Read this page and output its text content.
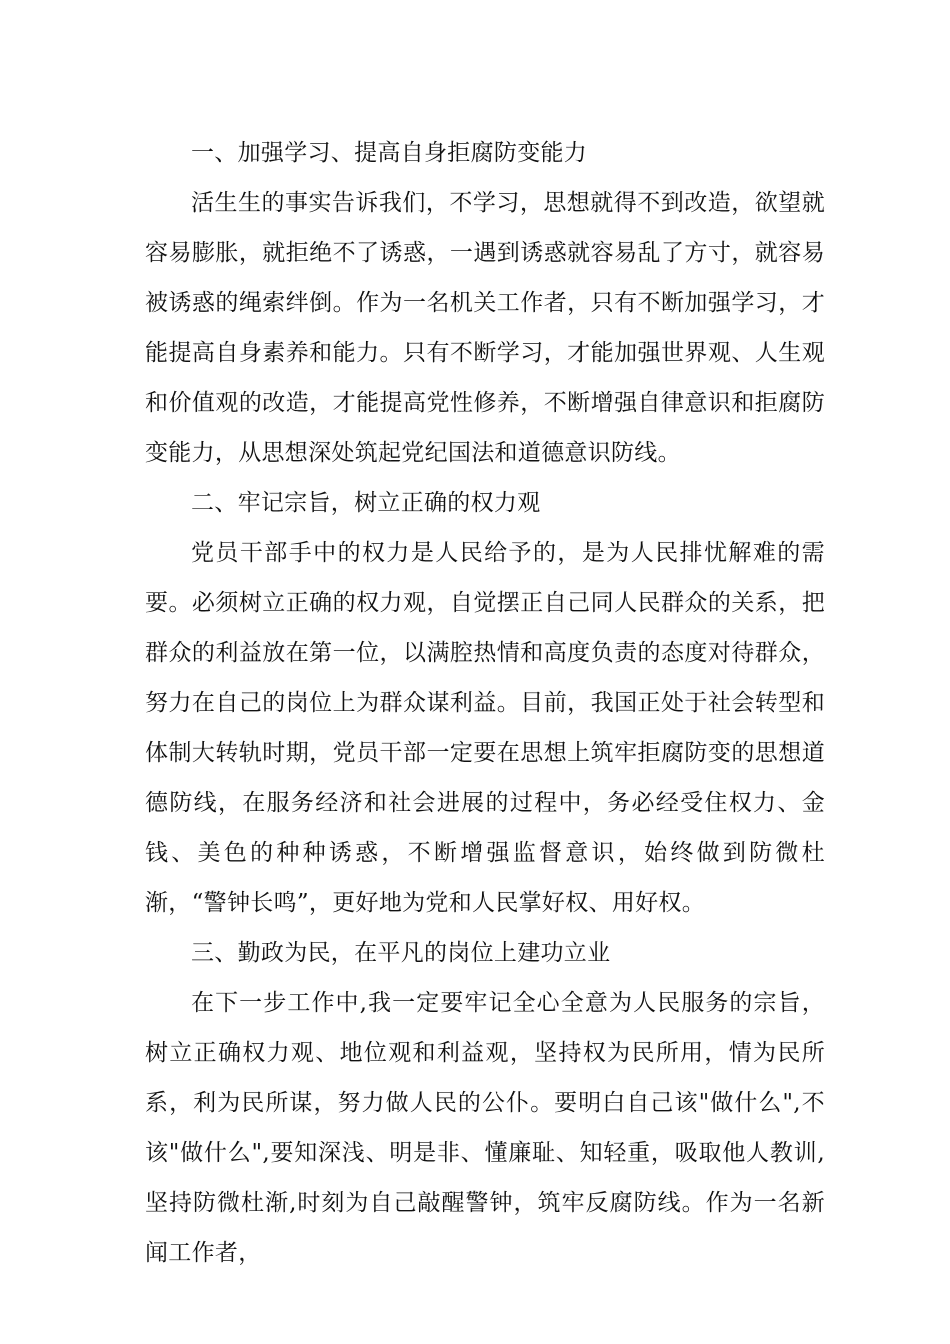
一、加强学习、提高自身拒腐防变能力

活生生的事实告诉我们，不学习，思想就得不到改造，欲望就容易膨胀，就拒绝不了诱惑，一遇到诱惑就容易乱了方寸，就容易被诱惑的绳索绊倒。作为一名机关工作者，只有不断加强学习，才能提高自身素养和能力。只有不断学习，才能加强世界观、人生观和价值观的改造，才能提高党性修养，不断增强自律意识和拒腐防变能力，从思想深处筑起党纪国法和道德意识防线。

二、牢记宗旨，树立正确的权力观

党员干部手中的权力是人民给予的，是为人民排忧解难的需要。必须树立正确的权力观，自觉摆正自己同人民群众的关系，把群众的利益放在第一位，以满腔热情和高度负责的态度对待群众，努力在自己的岗位上为群众谋利益。目前，我国正处于社会转型和体制大转轨时期，党员干部一定要在思想上筑牢拒腐防变的思想道德防线，在服务经济和社会进展的过程中，务必经受住权力、金钱、美色的种种诱惑，不断增强监督意识，始终做到防微杜渐，“警钟长鸣”，更好地为党和人民掌好权、用好权。

三、勤政为民，在平凡的岗位上建功立业

在下一步工作中,我一定要牢记全心全意为人民服务的宗旨，树立正确权力观、地位观和利益观，坚持权为民所用，情为民所系，利为民所谋，努力做人民的公仆。要明白自己该"做什么",不该"做什么",要知深浅、明是非、懂廉耻、知轻重，吸取他人教训,坚持防微杜渐,时刻为自己敲醒警钟，筑牢反腐防线。作为一名新闻工作者，
